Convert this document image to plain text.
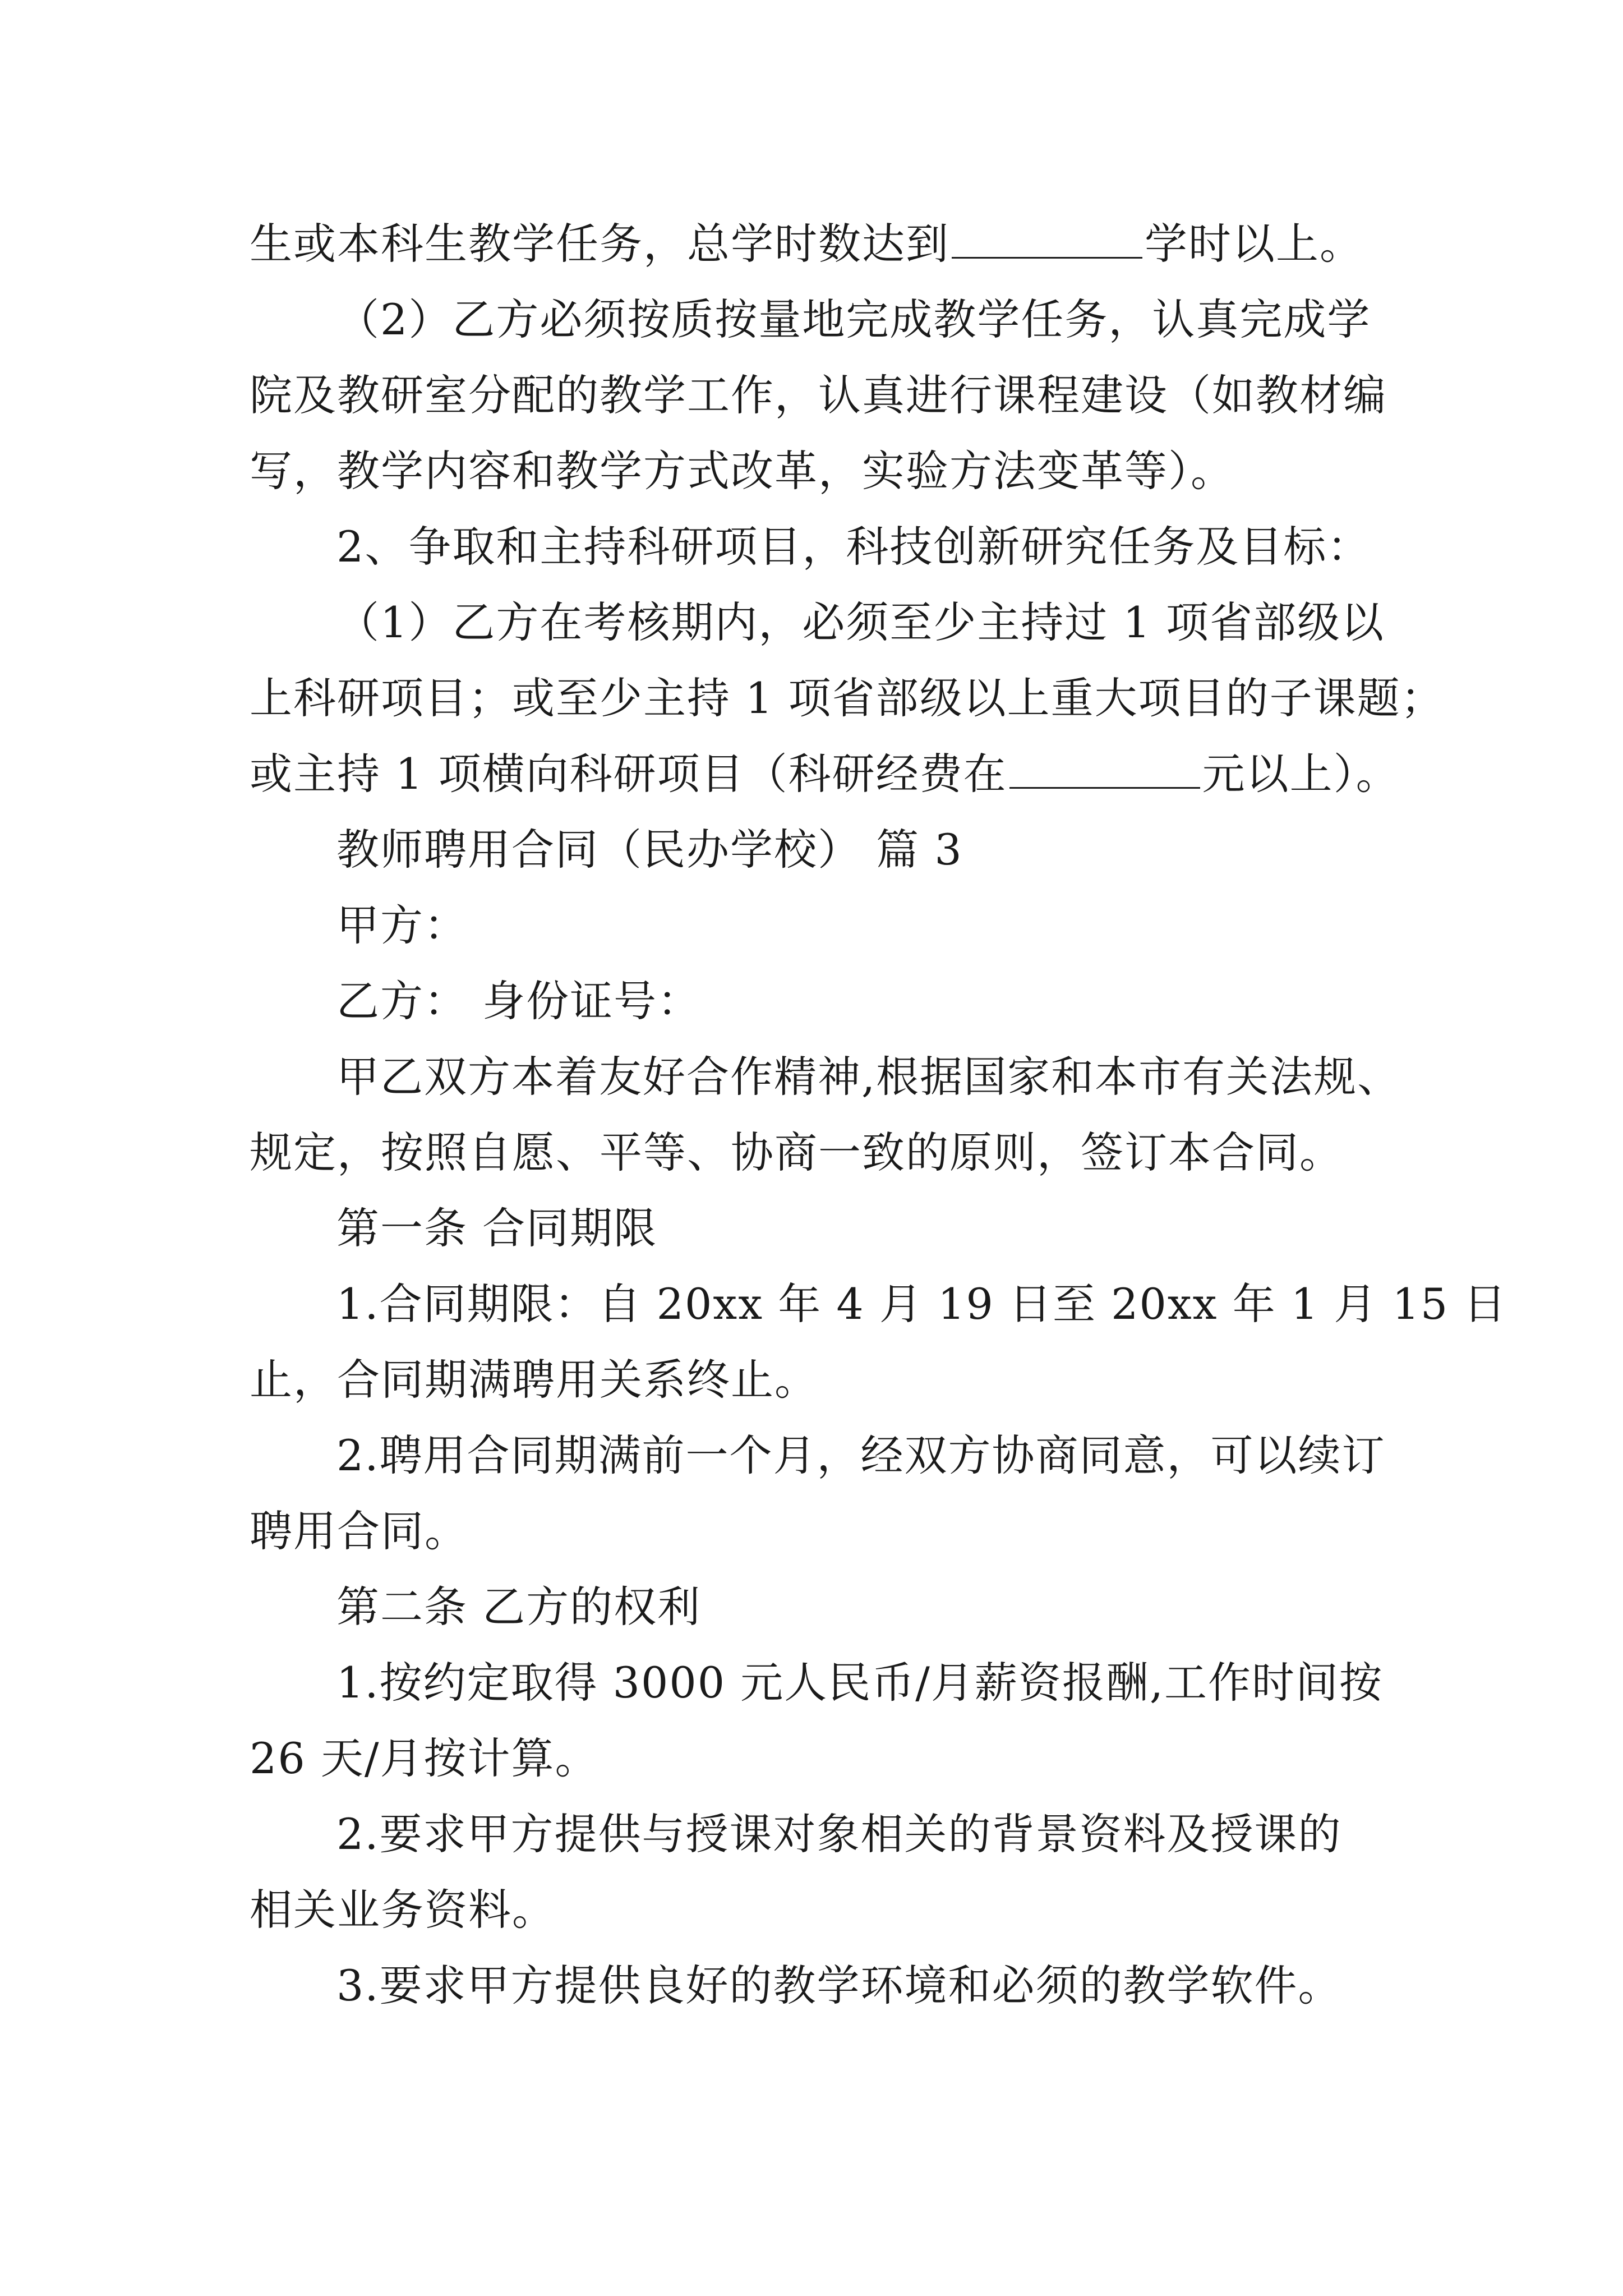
生或本科生教学任务，总学时数达到	学时以上。
（2）乙方必须按质按量地完成教学任务，认真完成学
院及教研室分配的教学工作，认真进行课程建设（如教材编
写，教学内容和教学方式改革，实验方法变革等）。
2、争取和主持科研项目，科技创新研究任务及目标：
（1）乙方在考核期内，必须至少主持过 1 项省部级以
上科研项目；或至少主持 1 项省部级以上重大项目的子课题；
或主持 1 项横向科研项目（科研经费在	元以上）。
教师聘用合同（民办学校） 篇 3
甲方：
乙方： 身份证号：
甲乙双方本着友好合作精神,根据国家和本市有关法规、
规定，按照自愿、平等、协商一致的原则，签订本合同。
第一条 合同期限
1.合同期限：自 20xx 年 4 月 19 日至 20xx 年 1 月 15 日
止，合同期满聘用关系终止。
2.聘用合同期满前一个月，经双方协商同意，可以续订
聘用合同。
第二条 乙方的权利
1.按约定取得 3000 元人民币/月薪资报酬,工作时间按
26 天/月按计算。
2.要求甲方提供与授课对象相关的背景资料及授课的
相关业务资料。
3.要求甲方提供良好的教学环境和必须的教学软件。
